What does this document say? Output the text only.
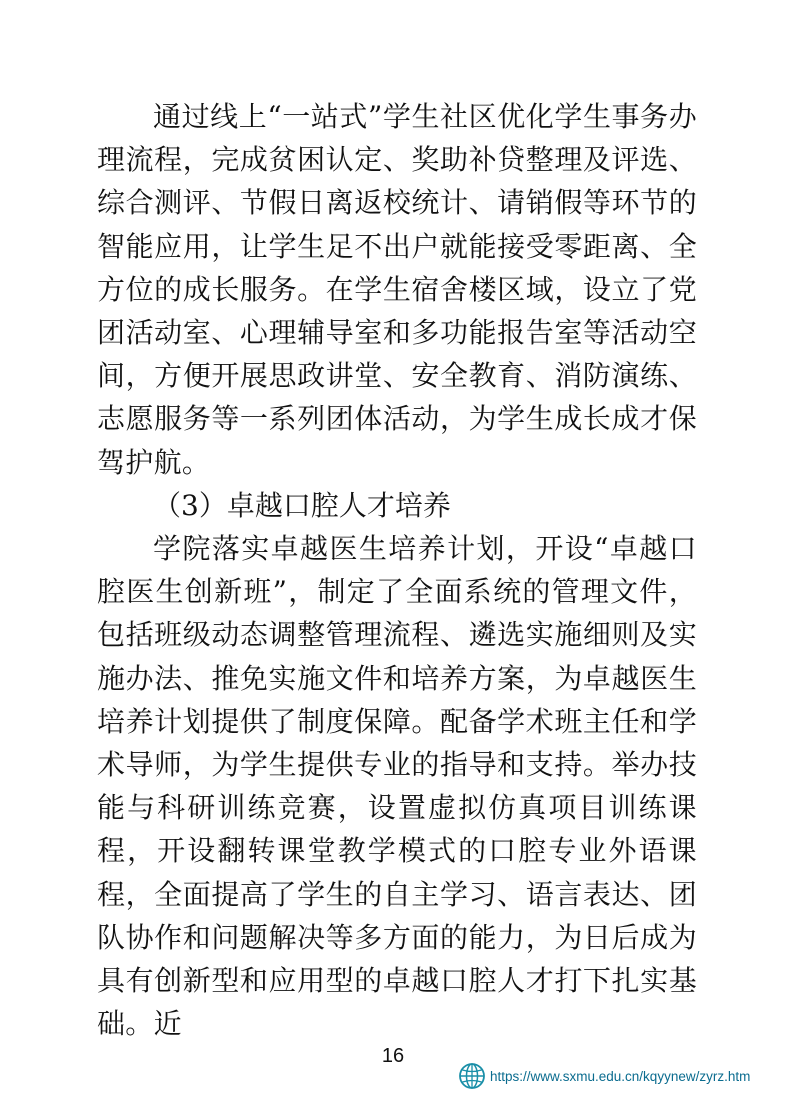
通过线上“一站式”学生社区优化学生事务办理流程，完成贫困认定、奖助补贷整理及评选、综合测评、节假日离返校统计、请销假等环节的智能应用，让学生足不出户就能接受零距离、全方位的成长服务。在学生宿舍楼区域，设立了党团活动室、心理辅导室和多功能报告室等活动空间，方便开展思政讲堂、安全教育、消防演练、志愿服务等一系列团体活动，为学生成长成才保驾护航。

（3）卓越口腔人才培养

学院落实卓越医生培养计划，开设“卓越口腔医生创新班”，制定了全面系统的管理文件，包括班级动态调整管理流程、遴选实施细则及实施办法、推免实施文件和培养方案，为卓越医生培养计划提供了制度保障。配备学术班主任和学术导师，为学生提供专业的指导和支持。举办技能与科研训练竞赛，设置虚拟仿真项目训练课程，开设翻转课堂教学模式的口腔专业外语课程，全面提高了学生的自主学习、语言表达、团队协作和问题解决等多方面的能力，为日后成为具有创新型和应用型的卓越口腔人才打下扎实基础。近

16
https://www.sxmu.edu.cn/kqyynew/zyrz.htm
